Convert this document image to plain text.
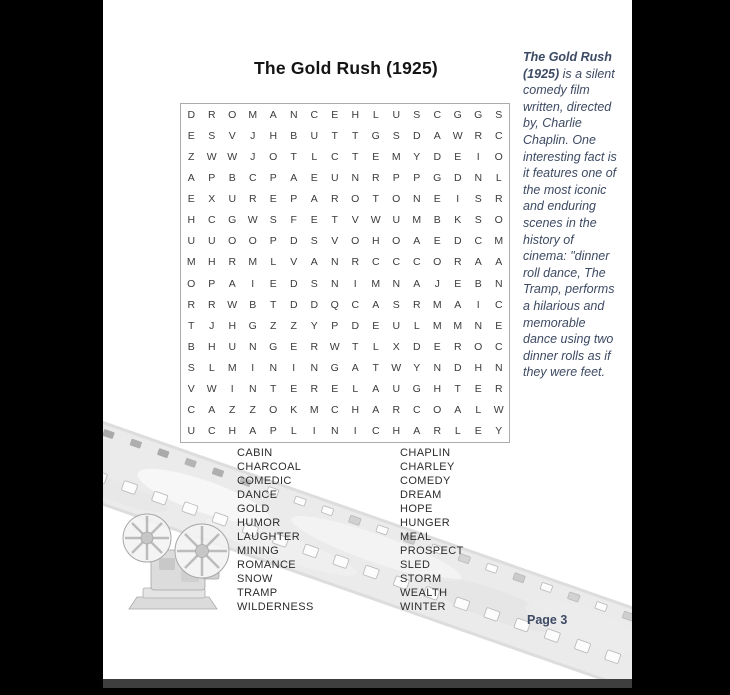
The Gold Rush (1925)
D	R	O	M	A	N	C	E	H	L	U	S	C	G	G	S
E	S	V	J	H	B	U	T	T	G	S	D	A	W	R	C
Z	W	W	J	O	T	L	C	T	E	M	Y	D	E	I	O
A	P	B	C	P	A	E	U	N	R	P	P	G	D	N	L
E	X	U	R	E	P	A	R	O	T	O	N	E	I	S	R
H	C	G	W	S	F	E	T	V	W	U	M	B	K	S	O
U	U	O	O	P	D	S	V	O	H	O	A	E	D	C	M
M	H	R	M	L	V	A	N	R	C	C	C	O	R	A	A
O	P	A	I	E	D	S	N	I	M	N	A	J	E	B	N
R	R	W	B	T	D	D	Q	C	A	S	R	M	A	I	C
T	J	H	G	Z	Z	Y	P	D	E	U	L	M	M	N	E
B	H	U	N	G	E	R	W	T	L	X	D	E	R	O	C
S	L	M	I	N	I	N	G	A	T	W	Y	N	D	H	N
V	W	I	N	T	E	R	E	L	A	U	G	H	T	E	R
C	A	Z	Z	O	K	M	C	H	A	R	C	O	A	L	W
U	C	H	A	P	L	I	N	I	C	H	A	R	L	E	Y
CABIN
CHARCOAL
COMEDIC
DANCE
GOLD
HUMOR
LAUGHTER
MINING
ROMANCE
SNOW
TRAMP
WILDERNESS
CHAPLIN
CHARLEY
COMEDY
DREAM
HOPE
HUNGER
MEAL
PROSPECT
SLED
STORM
WEALTH
WINTER
The Gold Rush (1925) is a silent comedy film written, directed by, Charlie Chaplin. One interesting fact is it features one of the most iconic and enduring scenes in the history of cinema: "dinner roll dance, The Tramp, performs a hilarious and memorable dance using two dinner rolls as if they were feet.
Page 3
